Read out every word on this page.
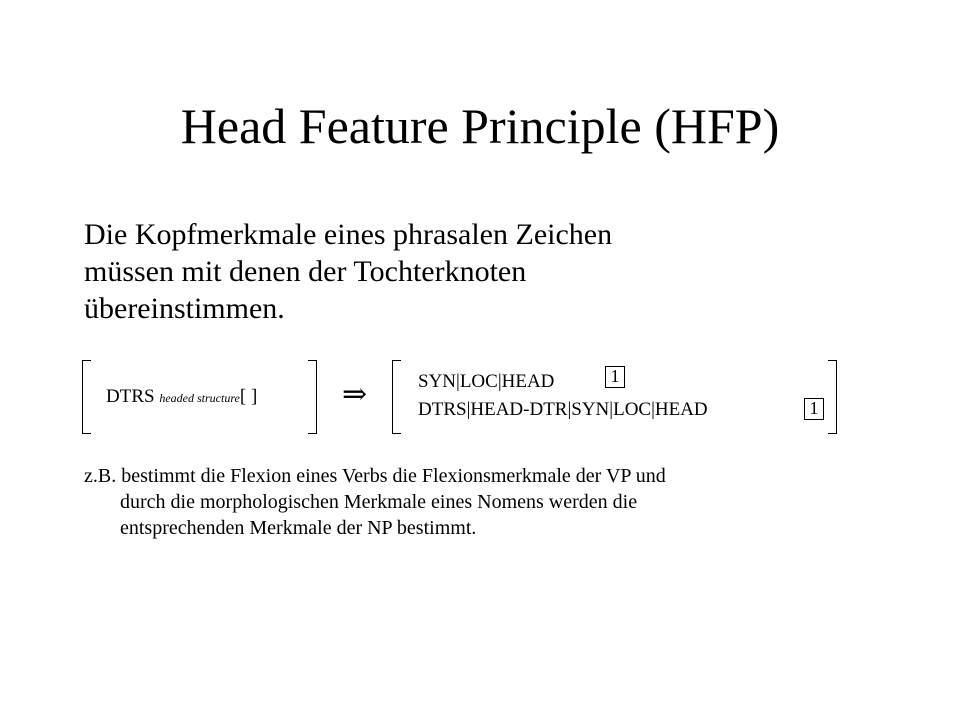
Head Feature Principle (HFP)
Die Kopfmerkmale eines phrasalen Zeichen
müssen mit denen der Tochterknoten
übereinstimmen.
DTRS headed structure[ ]	⇒	SYN|LOC|HEAD	1
DTRS|HEAD-DTR|SYN|LOC|HEAD	1
z.B. bestimmt die Flexion eines Verbs die Flexionsmerkmale der VP und
durch die morphologischen Merkmale eines Nomens werden die
entsprechenden Merkmale der NP bestimmt.
